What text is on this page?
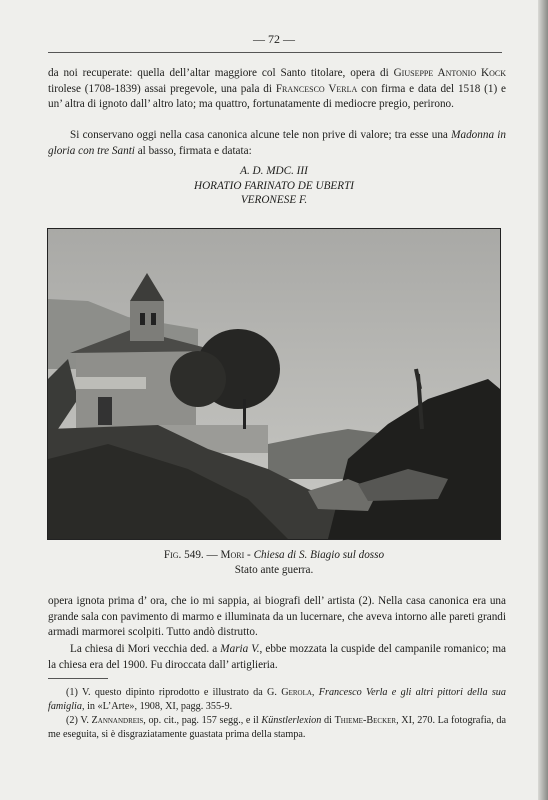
— 72 —
da noi recuperate: quella dell’altar maggiore col Santo titolare, opera di Giuseppe Antonio Kock tirolese (1708-1839) assai pregevole, una pala di Francesco Verla con firma e data del 1518 (1) e un’ altra di ignoto dall’ altro lato; ma quattro, fortunatamente di mediocre pregio, perirono.
Si conservano oggi nella casa canonica alcune tele non prive di valore; tra esse una Madonna in gloria con tre Santi al basso, firmata e datata:
A. D. MDC. III
HORATIO FARINATO DE UBERTI
VERONESE F.
Fig. 549. — Mori - Chiesa di S. Biagio sul dosso
Stato ante guerra.
opera ignota prima d’ ora, che io mi sappia, ai biografi dell’ artista (2). Nella casa canonica era una grande sala con pavimento di marmo e illuminata da un lucernare, che aveva intorno alle pareti grandi armadi marmorei scolpiti. Tutto andò distrutto.
La chiesa di Mori vecchia ded. a Maria V., ebbe mozzata la cuspide del campanile romanico; ma la chiesa era del 1900. Fu diroccata dall’ artiglieria.
(1) V. questo dipinto riprodotto e illustrato da G. Gerola, Francesco Verla e gli altri pittori della sua famiglia, in «L’Arte», 1908, XI, pagg. 355-9.
(2) V. Zannandreis, op. cit., pag. 157 segg., e il Künstlerlexion di Thieme-Becker, XI, 270. La fotografia, da me eseguita, si è disgraziatamente guastata prima della stampa.
